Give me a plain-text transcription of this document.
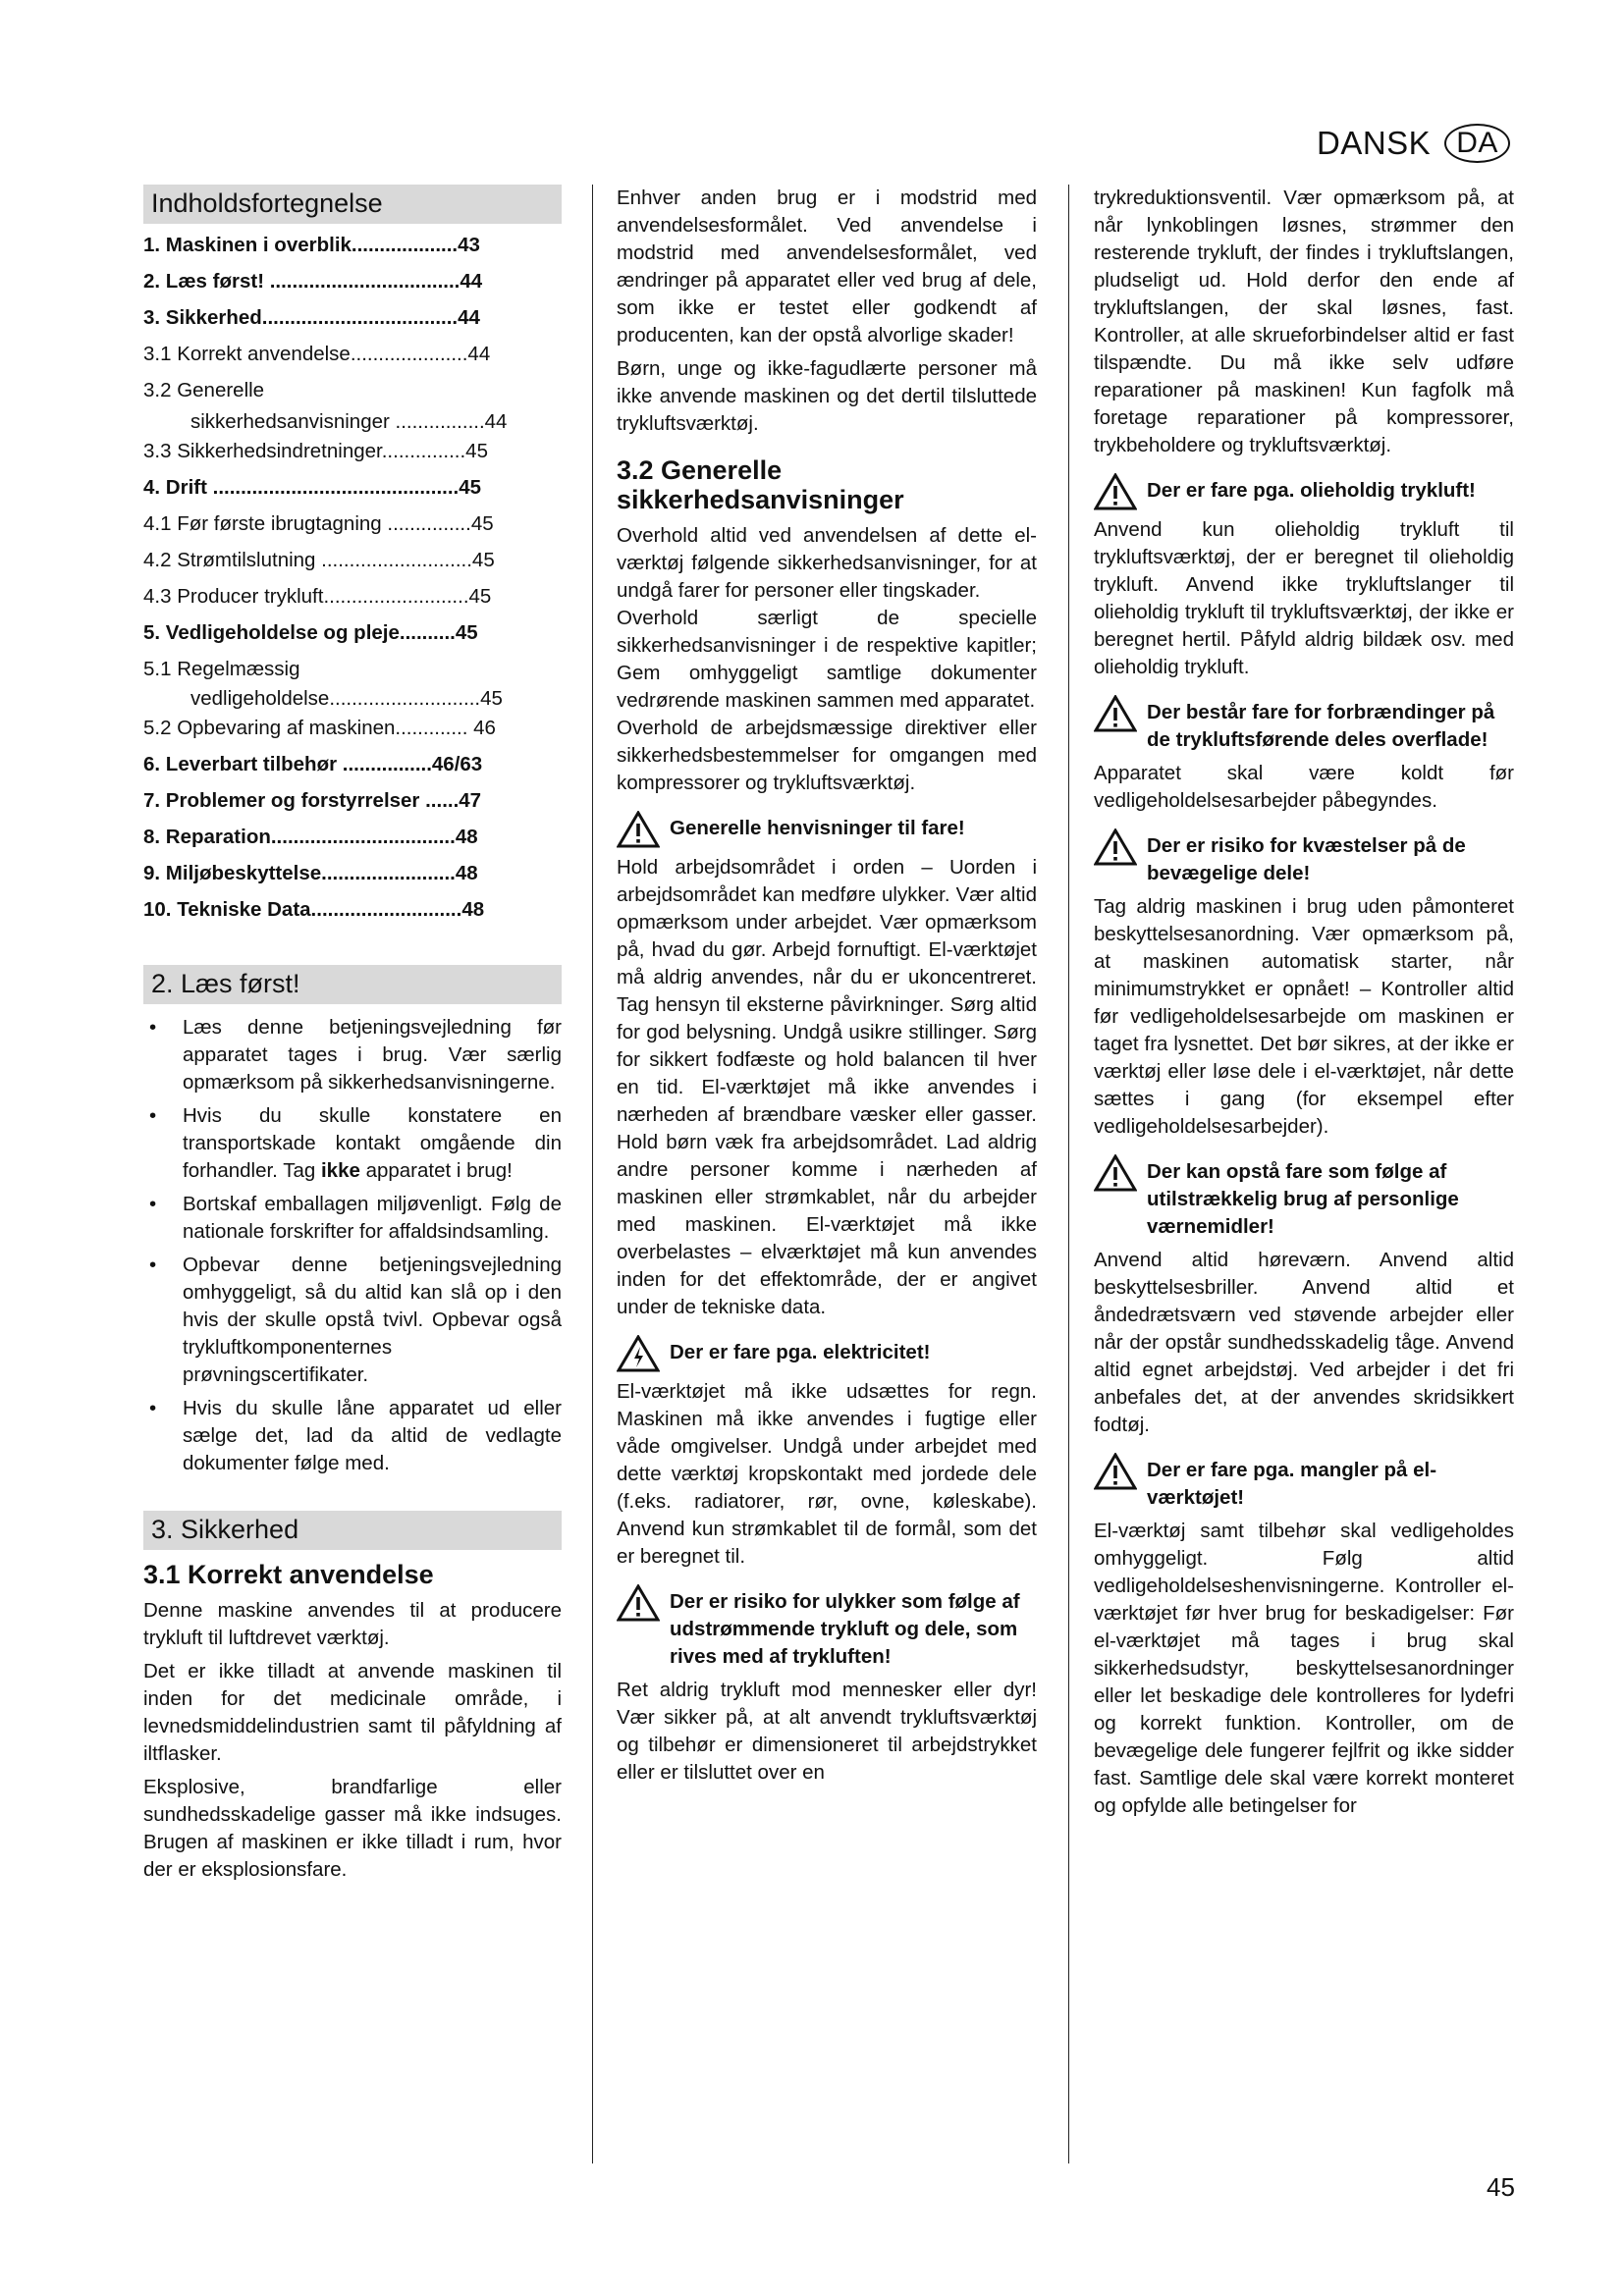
DANSK DA
Indholdsfortegnelse
1. Maskinen i overblik...................43
2. Læs først! ..................................44
3. Sikkerhed...................................44
3.1 Korrekt anvendelse.....................44
3.2 Generelle
sikkerhedsanvisninger ................44
3.3 Sikkerhedsindretninger...............45
4. Drift ............................................45
4.1 Før første ibrugtagning ...............45
4.2 Strømtilslutning ...........................45
4.3 Producer trykluft..........................45
5. Vedligeholdelse og pleje..........45
5.1 Regelmæssig
vedligeholdelse...........................45
5.2 Opbevaring af maskinen............. 46
6. Leverbart tilbehør ................46/63
7. Problemer og forstyrrelser ......47
8. Reparation.................................48
9. Miljøbeskyttelse........................48
10. Tekniske Data...........................48
2. Læs først!
• Læs denne betjeningsvejledning før apparatet tages i brug. Vær særlig opmærksom på sikkerhedsanvisningerne.
• Hvis du skulle konstatere en transportskade kontakt omgående din forhandler. Tag ikke apparatet i brug!
• Bortskaf emballagen miljøvenligt. Følg de nationale forskrifter for affaldsindsamling.
• Opbevar denne betjeningsvejledning omhyggeligt, så du altid kan slå op i den hvis der skulle opstå tvivl. Opbevar også trykluftkomponenternes prøvningscertifikater.
• Hvis du skulle låne apparatet ud eller sælge det, lad da altid de vedlagte dokumenter følge med.
3. Sikkerhed
3.1 Korrekt anvendelse

Denne maskine anvendes til at producere trykluft til luftdrevet værktøj.

Det er ikke tilladt at anvende maskinen til inden for det medicinale område, i levnedsmiddelindustrien samt til påfyldning af iltflasker.

Eksplosive, brandfarlige eller sundhedsskadelige gasser må ikke indsuges. Brugen af maskinen er ikke tilladt i rum, hvor der er eksplosionsfare.

Enhver anden brug er i modstrid med anvendelsesformålet. Ved anvendelse i modstrid med anvendelsesformålet, ved ændringer på apparatet eller ved brug af dele, som ikke er testet eller godkendt af producenten, kan der opstå alvorlige skader!

Børn, unge og ikke-fagudlærte personer må ikke anvende maskinen og det dertil tilsluttede trykluftsværktøj.

3.2 Generelle sikkerhedsanvisninger

Overhold altid ved anvendelsen af dette el-værktøj følgende sikkerhedsanvisninger, for at undgå farer for personer eller tingskader.

Overhold særligt de specielle sikkerhedsanvisninger i de respektive kapitler; Gem omhyggeligt samtlige dokumenter vedrørende maskinen sammen med apparatet.

Overhold de arbejdsmæssige direktiver eller sikkerhedsbestemmelser for omgangen med kompressorer og trykluftsværktøj.

Generelle henvisninger til fare!

Hold arbejdsområdet i orden – Uorden i arbejdsområdet kan medføre ulykker. Vær altid opmærksom under arbejdet. Vær opmærksom på, hvad du gør. Arbejd fornuftigt. El-værktøjet må aldrig anvendes, når du er ukoncentreret. Tag hensyn til eksterne påvirkninger. Sørg altid for god belysning. Undgå usikre stillinger. Sørg for sikkert fodfæste og hold balancen til hver en tid. El-værktøjet må ikke anvendes i nærheden af brændbare væsker eller gasser. Hold børn væk fra arbejdsområdet. Lad aldrig andre personer komme i nærheden af maskinen eller strømkablet, når du arbejder med maskinen. El-værktøjet må ikke overbelastes – elværktøjet må kun anvendes inden for det effektområde, der er angivet under de tekniske data.

Der er fare pga. elektricitet!

El-værktøjet må ikke udsættes for regn. Maskinen må ikke anvendes i fugtige eller våde omgivelser. Undgå under arbejdet med dette værktøj kropskontakt med jordede dele (f.eks. radiatorer, rør, ovne, køleskabe). Anvend kun strømkablet til de formål, som det er beregnet til.

Der er risiko for ulykker som følge af udstrømmende trykluft og dele, som rives med af trykluften!

Ret aldrig trykluft mod mennesker eller dyr! Vær sikker på, at alt anvendt trykluftsværktøj og tilbehør er dimensioneret til arbejdstrykket eller er tilsluttet over en

trykreduktionsventil. Vær opmærksom på, at når lynkoblingen løsnes, strømmer den resterende trykluft, der findes i trykluftslangen, pludseligt ud. Hold derfor den ende af trykluftslangen, der skal løsnes, fast. Kontroller, at alle skrueforbindelser altid er fast tilspændte. Du må ikke selv udføre reparationer på maskinen! Kun fagfolk må foretage reparationer på kompressorer, trykbeholdere og trykluftsværktøj.

Der er fare pga. olieholdig trykluft!

Anvend kun olieholdig trykluft til trykluftsværktøj, der er beregnet til olieholdig trykluft. Anvend ikke trykluftslanger til olieholdig trykluft til trykluftsværktøj, der ikke er beregnet hertil. Påfyld aldrig bildæk osv. med olieholdig trykluft.

Der består fare for forbrændinger på de trykluftsførende deles overflade!

Apparatet skal være koldt før vedligeholdelsesarbejder påbegyndes.

Der er risiko for kvæstelser på de bevægelige dele!

Tag aldrig maskinen i brug uden påmonteret beskyttelsesanordning. Vær opmærksom på, at maskinen automatisk starter, når minimumstrykket er opnået! – Kontroller altid før vedligeholdelsesarbejde om maskinen er taget fra lysnettet. Det bør sikres, at der ikke er værktøj eller løse dele i el-værktøjet, når dette sættes i gang (for eksempel efter vedligeholdelsesarbejder).

Der kan opstå fare som følge af utilstrækkelig brug af personlige værnemidler!

Anvend altid høreværn. Anvend altid beskyttelsesbriller. Anvend altid et åndedrætsværn ved støvende arbejder eller når der opstår sundhedsskadelig tåge. Anvend altid egnet arbejdstøj. Ved arbejder i det fri anbefales det, at der anvendes skridsikkert fodtøj.

Der er fare pga. mangler på el-værktøjet!

El-værktøj samt tilbehør skal vedligeholdes omhyggeligt. Følg altid vedligeholdelseshenvisningerne. Kontroller el-værktøjet før hver brug for beskadigelser: Før el-værktøjet må tages i brug skal sikkerhedsudstyr, beskyttelsesanordninger eller let beskadige dele kontrolleres for lydefri og korrekt funktion. Kontroller, om de bevægelige dele fungerer fejlfrit og ikke sidder fast. Samtlige dele skal være korrekt monteret og opfylde alle betingelser for

45
